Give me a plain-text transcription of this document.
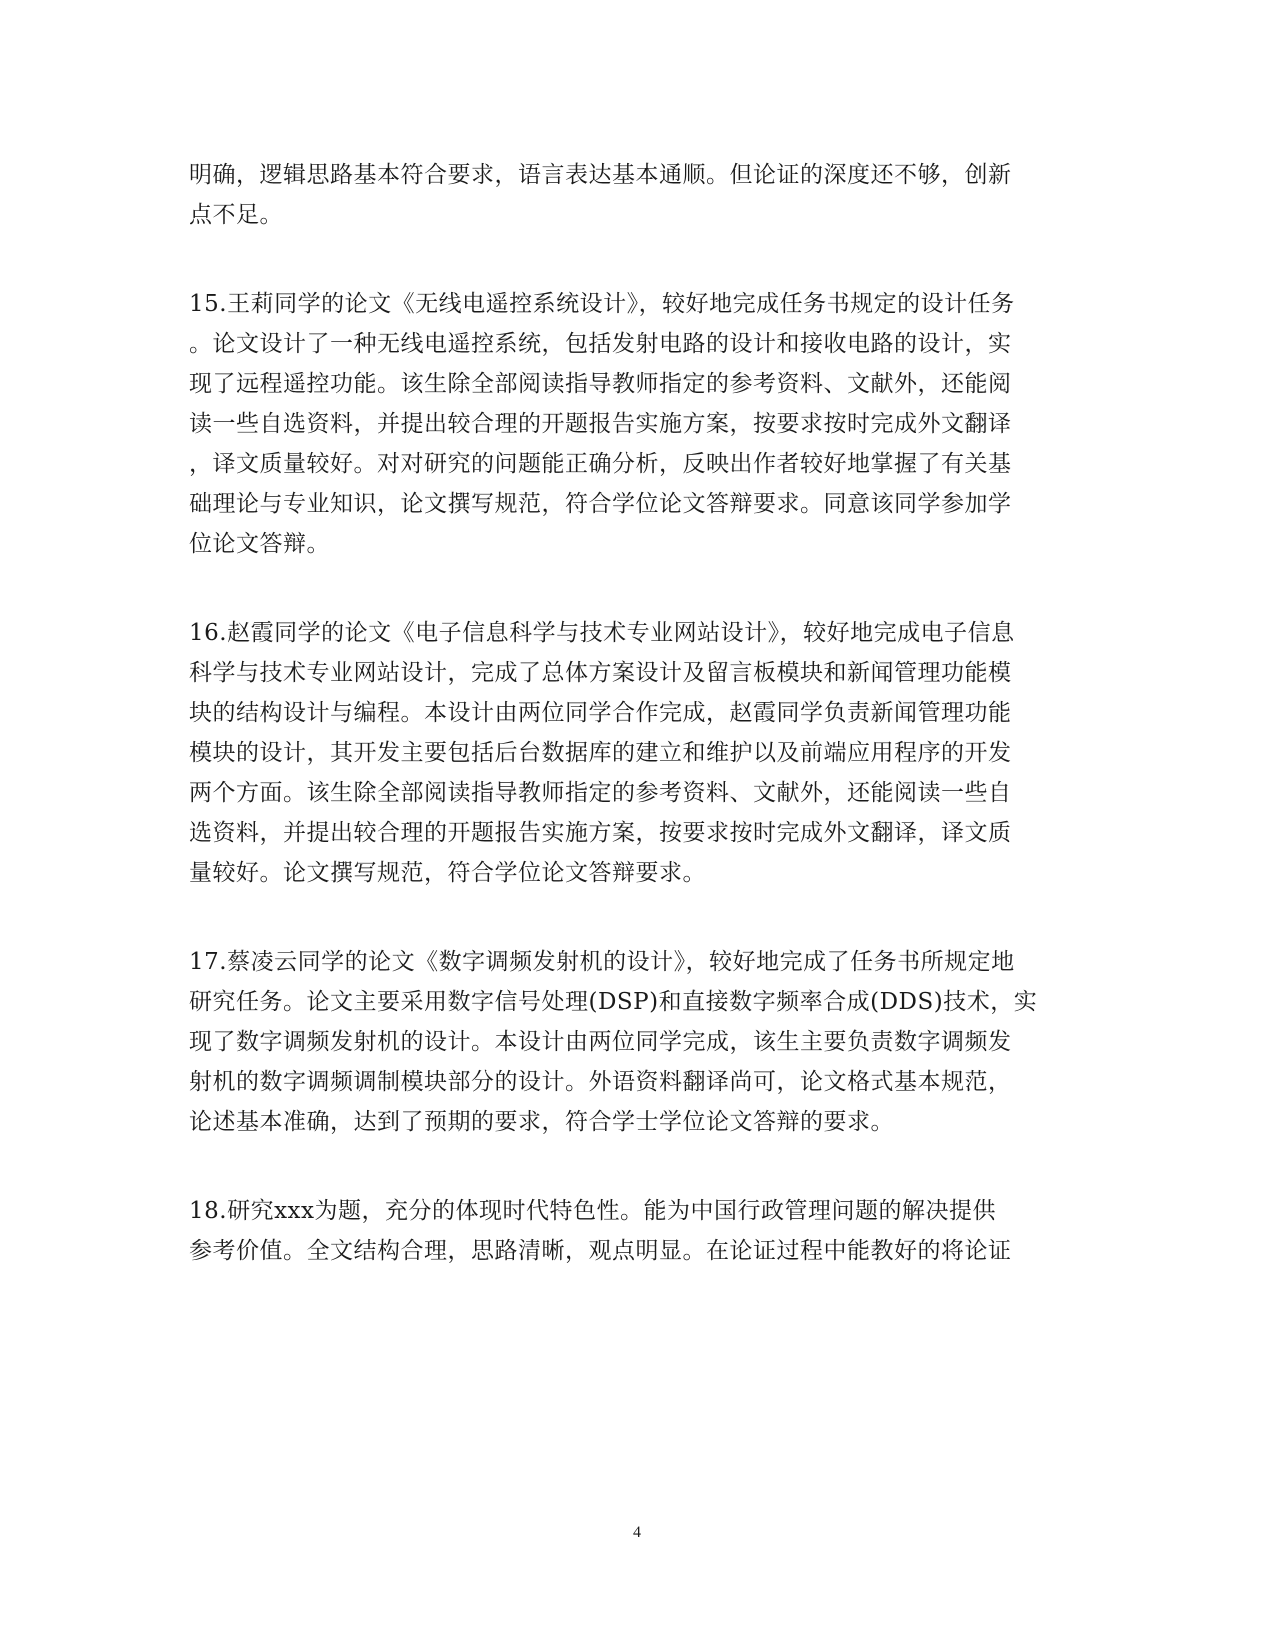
明确，逻辑思路基本符合要求，语言表达基本通顺。但论证的深度还不够，创新
点不足。
15.王莉同学的论文《无线电遥控系统设计》，较好地完成任务书规定的设计任务
。论文设计了一种无线电遥控系统，包括发射电路的设计和接收电路的设计，实
现了远程遥控功能。该生除全部阅读指导教师指定的参考资料、文献外，还能阅
读一些自选资料，并提出较合理的开题报告实施方案，按要求按时完成外文翻译
，译文质量较好。对对研究的问题能正确分析，反映出作者较好地掌握了有关基
础理论与专业知识，论文撰写规范，符合学位论文答辩要求。同意该同学参加学
位论文答辩。
16.赵霞同学的论文《电子信息科学与技术专业网站设计》，较好地完成电子信息
科学与技术专业网站设计，完成了总体方案设计及留言板模块和新闻管理功能模
块的结构设计与编程。本设计由两位同学合作完成，赵霞同学负责新闻管理功能
模块的设计，其开发主要包括后台数据库的建立和维护以及前端应用程序的开发
两个方面。该生除全部阅读指导教师指定的参考资料、文献外，还能阅读一些自
选资料，并提出较合理的开题报告实施方案，按要求按时完成外文翻译，译文质
量较好。论文撰写规范，符合学位论文答辩要求。
17.蔡凌云同学的论文《数字调频发射机的设计》，较好地完成了任务书所规定地
研究任务。论文主要采用数字信号处理(DSP)和直接数字频率合成(DDS)技术，实
现了数字调频发射机的设计。本设计由两位同学完成，该生主要负责数字调频发
射机的数字调频调制模块部分的设计。外语资料翻译尚可，论文格式基本规范，
论述基本准确，达到了预期的要求，符合学士学位论文答辩的要求。
18.研究xxx为题，充分的体现时代特色性。能为中国行政管理问题的解决提供
参考价值。全文结构合理，思路清晰，观点明显。在论证过程中能教好的将论证
4
